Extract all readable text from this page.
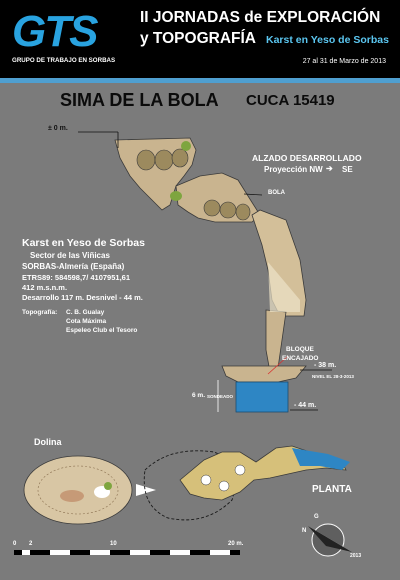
GTS
GRUPO DE TRABAJO EN SORBAS
II JORNADAS de EXPLORACIÓN
y TOPOGRAFÍA Karst en Yeso de Sorbas
27 al 31 de Marzo de 2013
SIMA DE LA BOLA CUCA 15419
ALZADO DESARROLLADO
Proyección NW ➔ SE
BOLA
± 0 m.
BLOQUE
ENCAJADO
- 38 m.
NIVEL EL 28-3-2013
- 44 m.
6 m. SONDEADO
Karst en Yeso de Sorbas
Sector de las Viñicas
SORBAS-Almería (España)
ETRS89: 584598,7/ 4107951,61
412 m.s.n.m.
Desarrollo 117 m. Desnivel - 44 m.
Topografía: C. B. Gualay
Cota Máxima
Espeleo Club el Tesoro
Dolina
PLANTA
0 2	10	20 m.
G
N
2013
